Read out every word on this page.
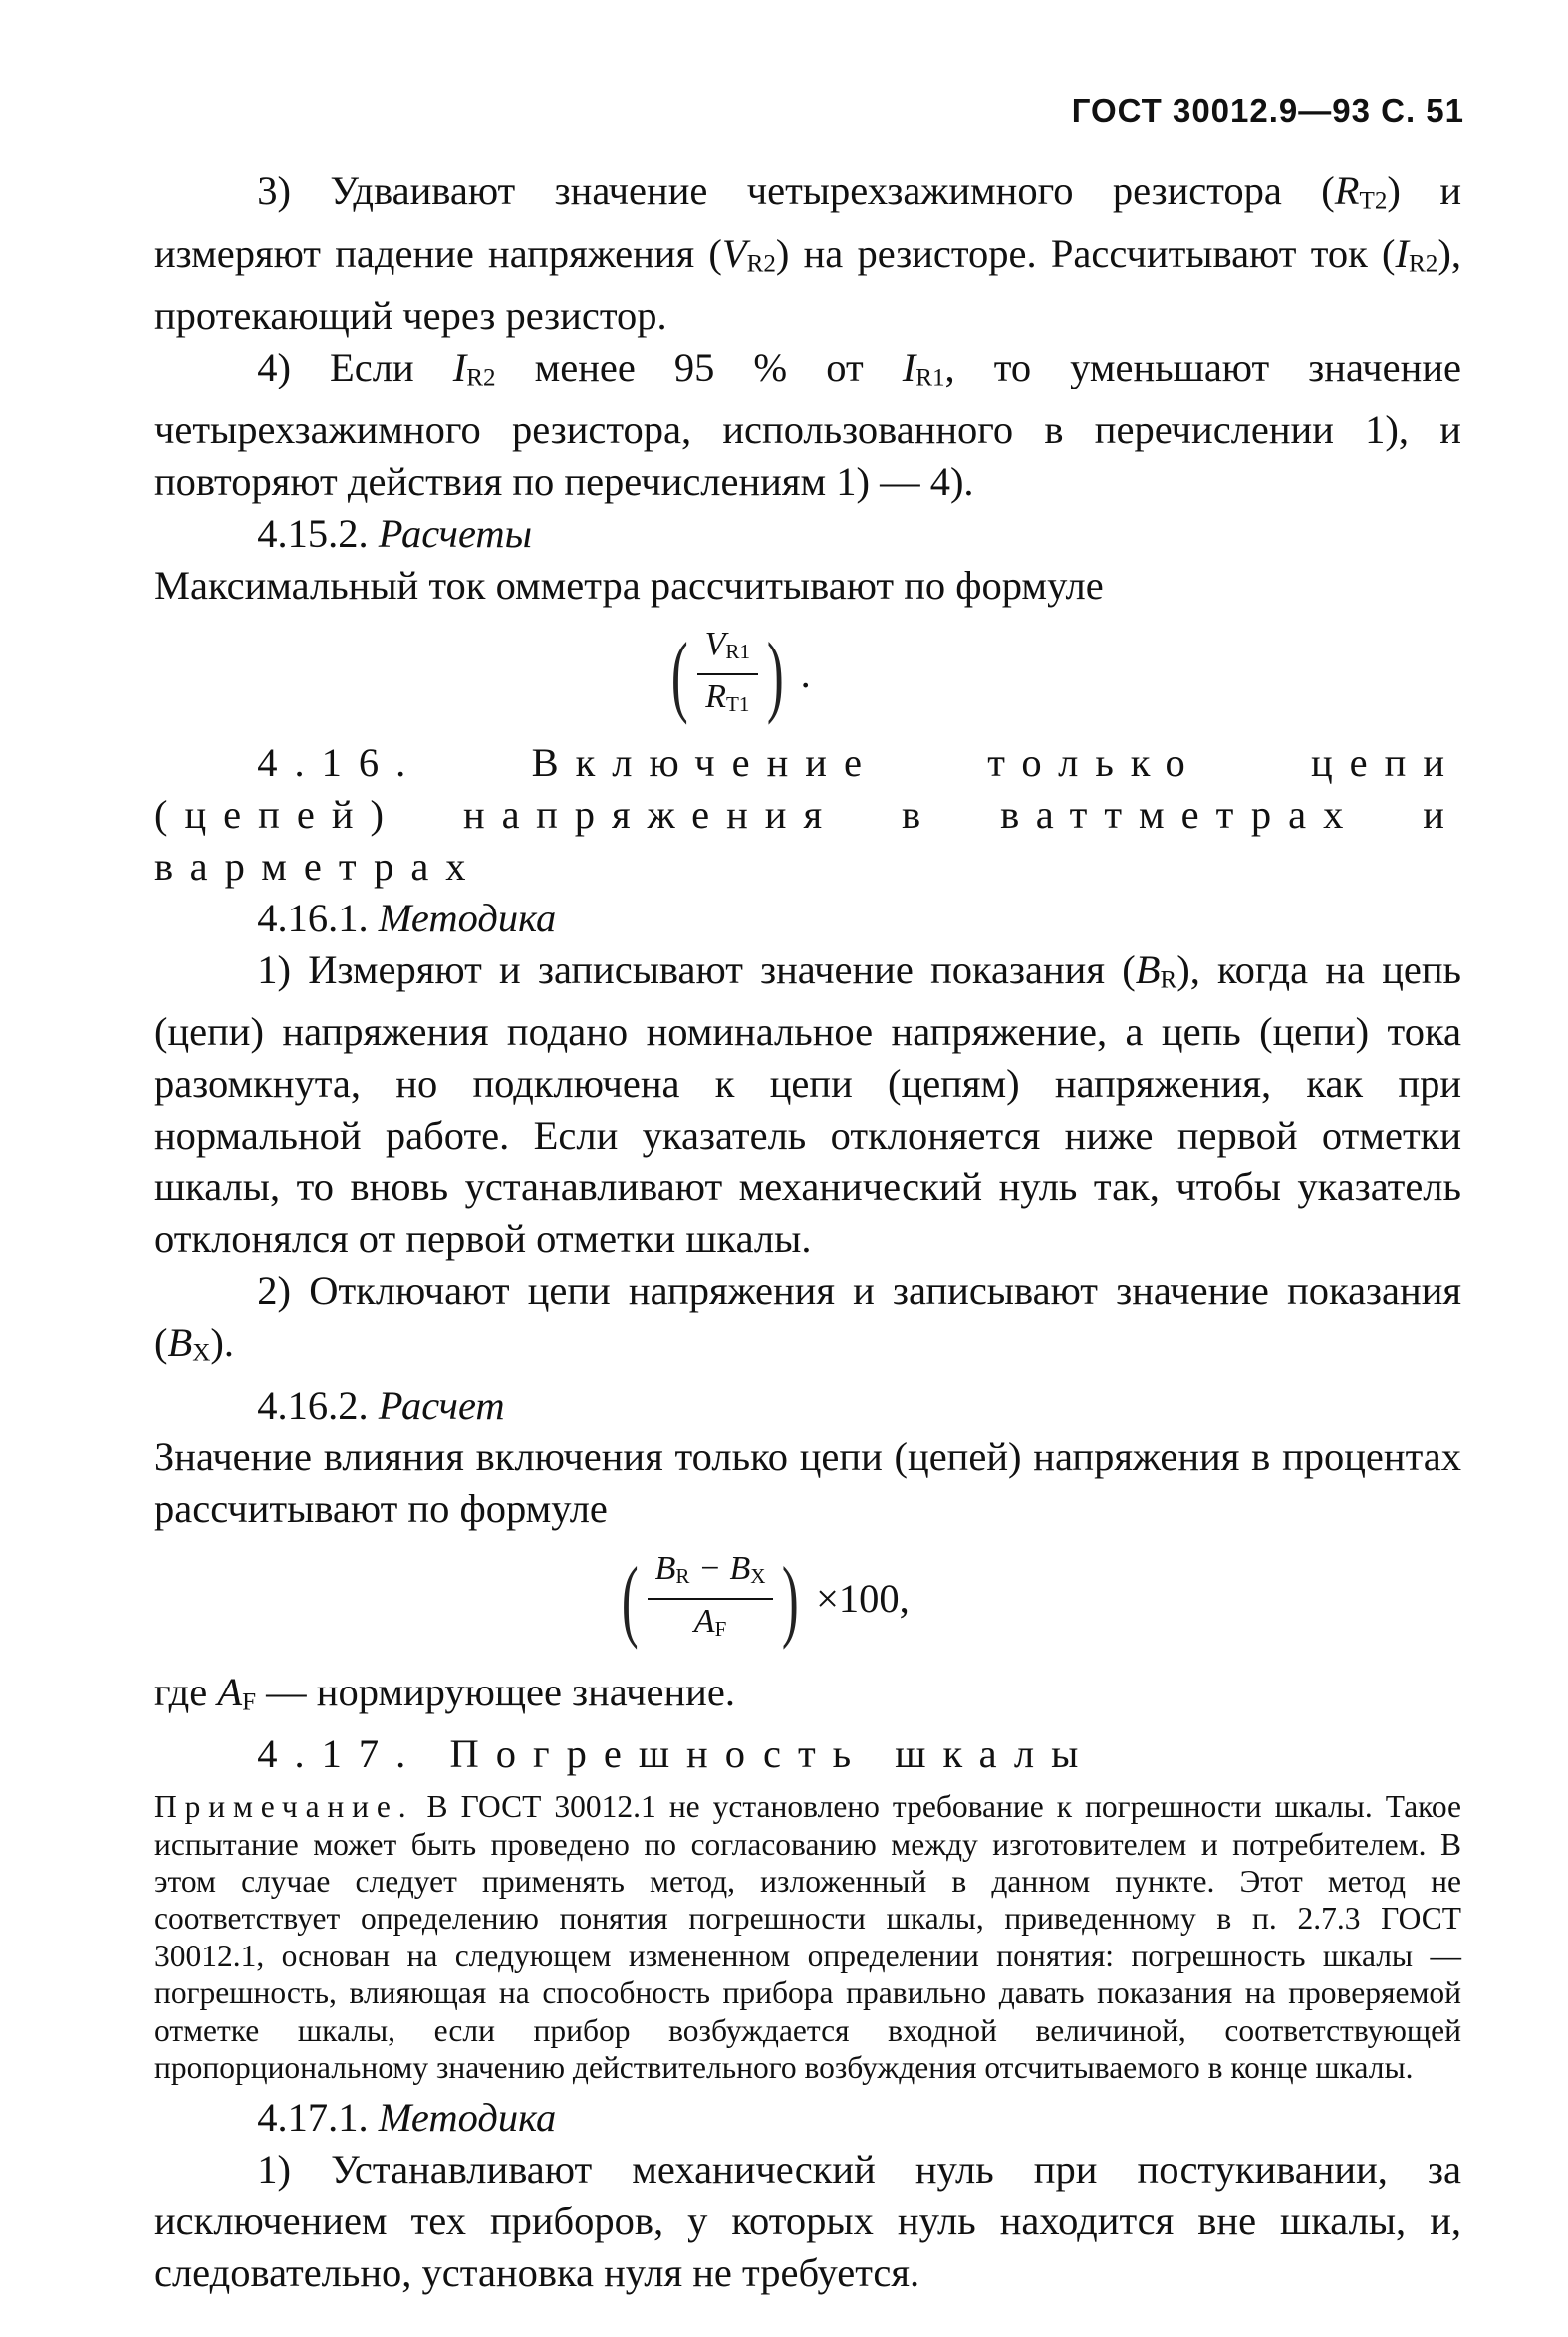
ГОСТ 30012.9—93 С. 51

3) Удваивают значение четырехзажимного резистора (RT2) и измеряют падение напряжения (VR2) на резисторе. Рассчитывают ток (IR2), протекающий через резистор.

4) Если IR2 менее 95 % от IR1, то уменьшают значение четырехзажимного резистора, использованного в перечислении 1), и повторяют действия по перечислениям 1) — 4).

4.15.2. Расчеты

Максимальный ток омметра рассчитывают по формуле

( $\frac{VR1}{RT1}$ ) .

4.16. Включение только цепи (цепей) напряжения в ваттметрах и варметрах

4.16.1. Методика

1) Измеряют и записывают значение показания (BR), когда на цепь (цепи) напряжения подано номинальное напряжение, а цепь (цепи) тока разомкнута, но подключена к цепи (цепям) напряжения, как при нормальной работе. Если указатель отклоняется ниже первой отметки шкалы, то вновь устанавливают механический нуль так, чтобы указатель отклонялся от первой отметки шкалы.

2) Отключают цепи напряжения и записывают значение показания (BX).

4.16.2. Расчет

Значение влияния включения только цепи (цепей) напряжения в процентах рассчитывают по формуле

( $\frac{BR - BX}{AF}$ ) ×100,

где AF — нормирующее значение.

4.17. Погрешность шкалы

Примечание. В ГОСТ 30012.1 не установлено требование к погрешности шкалы. Такое испытание может быть проведено по согласованию между изготовителем и потребителем. В этом случае следует применять метод, изложенный в данном пункте. Этот метод не соответствует определению понятия погрешности шкалы, приведенному в п. 2.7.3 ГОСТ 30012.1, основан на следующем измененном определении понятия: погрешность шкалы — погрешность, влияющая на способность прибора правильно давать показания на проверяемой отметке шкалы, если прибор возбуждается входной величиной, соответствующей пропорциональному значению действительного возбуждения отсчитываемого в конце шкалы.

4.17.1. Методика

1) Устанавливают механический нуль при постукивании, за исключением тех приборов, у которых нуль находится вне шкалы, и, следовательно, установка нуля не требуется.
